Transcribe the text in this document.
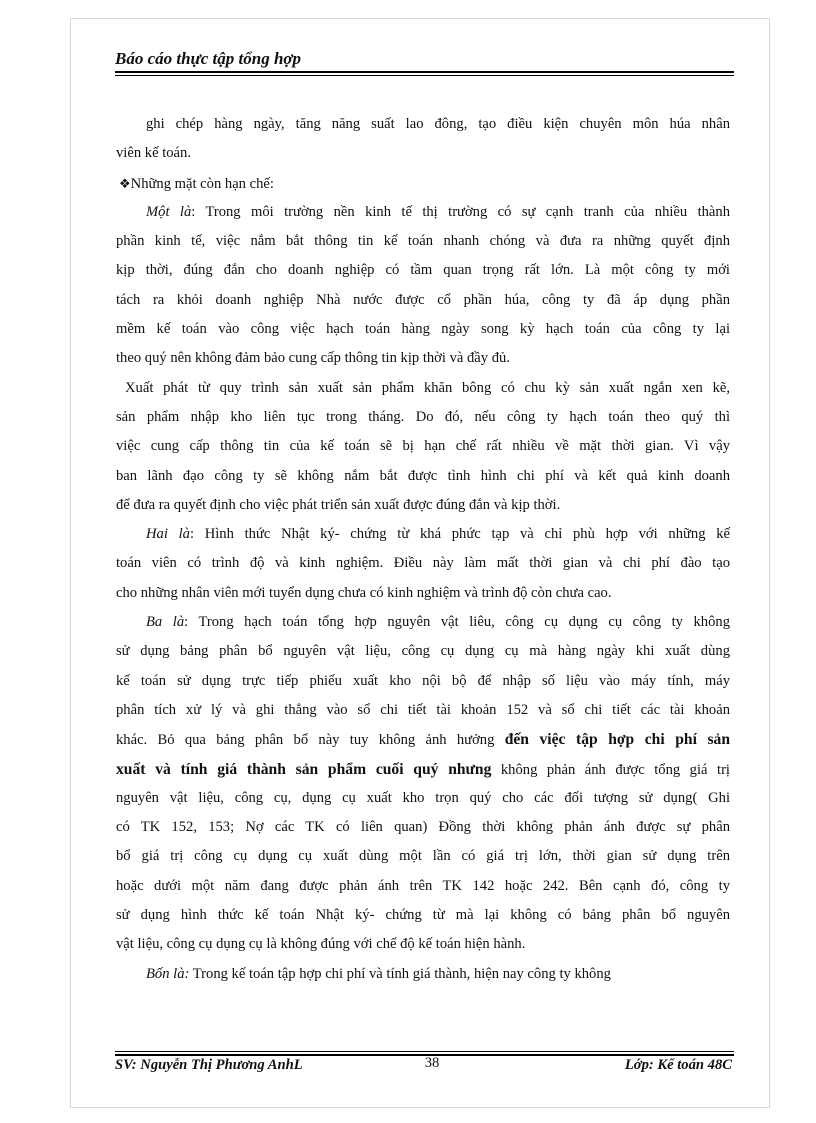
Báo cáo thực tập tổng hợp
ghi chép hàng ngày, tăng năng suất lao đông, tạo điều kiện chuyên môn húa nhân
viên kế toán.
❖Những mặt còn hạn chế:
Một là: Trong môi trường nền kinh tế thị trường có sự cạnh tranh của nhiều thành
phần kinh tế, việc nắm bắt thông tin kế toán nhanh chóng và đưa ra những quyết định
kịp thời, đúng đắn cho doanh nghiệp có tầm quan trọng rất lớn. Là một công ty mới
tách ra khỏi doanh nghiệp Nhà nước được cổ phần húa, công ty đã áp dụng phần
mềm kế toán vào công việc hạch toán hàng ngày song kỳ hạch toán của công ty lại
theo quý nên không đảm bảo cung cấp thông tin kịp thời và đầy đủ.
Xuất phát từ quy trình sản xuất sản phẩm khăn bông có chu kỳ sản xuất ngắn xen kẽ,
sản phẩm nhập kho liên tục trong tháng. Do đó, nếu công ty hạch toán theo quý thì
việc cung cấp thông tin của kế toán sẽ bị hạn chế rất nhiều về mặt thời gian. Vì vậy
ban lãnh đạo công ty sẽ không nắm bắt được tình hình chi phí và kết quả kinh doanh
để đưa ra quyết định cho việc phát triển sản xuất được đúng đắn và kịp thời.
Hai là: Hình thức Nhật ký- chứng từ khá phức tạp và chỉ phù hợp với những kế
toán viên có trình độ và kinh nghiệm. Điều này làm mất thời gian và chi phí đào tạo
cho những nhân viên mới tuyển dụng chưa có kinh nghiệm và trình độ còn chưa cao.
Ba là: Trong hạch toán tổng hợp nguyên vật liêu, công cụ dụng cụ công ty không
sử dụng bảng phân bổ nguyên vật liệu, công cụ dụng cụ mà hàng ngày khi xuất dùng
kế toán sử dụng trực tiếp phiếu xuất kho nội bộ để nhập số liệu vào máy tính, máy
phân tích xử lý và ghi thẳng vào sổ chi tiết tài khoản 152 và sổ chi tiết các tài khoản
khác. Bỏ qua bảng phân bổ này tuy không ảnh hưởng đến việc tập hợp chi phí sản
xuất và tính giá thành sản phẩm cuối quý nhưng không phản ánh được tổng giá trị
nguyên vật liệu, công cụ, dụng cụ xuất kho trọn quý cho các đối tượng sử dụng( Ghi
có TK 152, 153; Nợ các TK có liên quan) Đồng thời không phản ánh được sự phân
bổ giá trị công cụ dụng cụ xuất dùng một lần có giá trị lớn, thời gian sử dụng trên
hoặc dưới một năm đang được phản ánh trên TK 142 hoặc 242. Bên cạnh đó, công ty
sử dụng hình thức kế toán Nhật ký- chứng từ mà lại không có bảng phân bổ nguyên
vật liệu, công cụ dụng cụ là không đúng với chế độ kế toán hiện hành.
Bốn là: Trong kế toán tập hợp chi phí và tính giá thành, hiện nay công ty không
SV: Nguyễn Thị Phương AnhL	38	Lớp: Kế toán 48C
